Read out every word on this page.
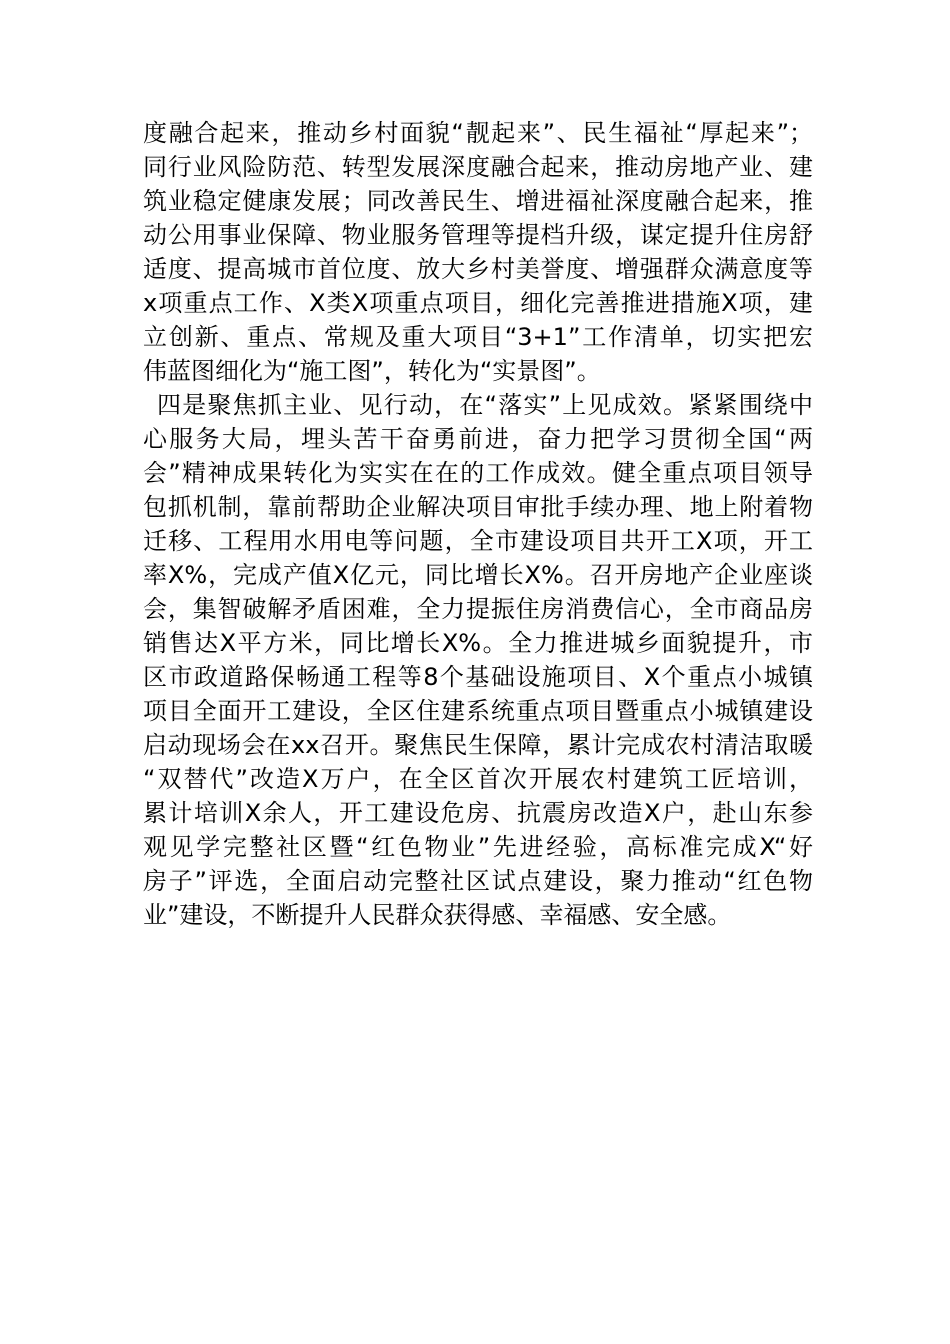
度融合起来，推动乡村面貌“靓起来”、民生福祉“厚起来”；
同行业风险防范、转型发展深度融合起来，推动房地产业、建
筑业稳定健康发展；同改善民生、增进福祉深度融合起来，推
动公用事业保障、物业服务管理等提档升级，谋定提升住房舒
适度、提高城市首位度、放大乡村美誉度、增强群众满意度等
x项重点工作、X类X项重点项目，细化完善推进措施X项，建
立创新、重点、常规及重大项目“3+1”工作清单，切实把宏
伟蓝图细化为“施工图”，转化为“实景图”。
四是聚焦抓主业、见行动，在“落实”上见成效。紧紧围绕中
心服务大局，埋头苦干奋勇前进，奋力把学习贯彻全国“两
会”精神成果转化为实实在在的工作成效。健全重点项目领导
包抓机制，靠前帮助企业解决项目审批手续办理、地上附着物
迁移、工程用水用电等问题，全市建设项目共开工X项，开工
率X%，完成产值X亿元，同比增长X%。召开房地产企业座谈
会，集智破解矛盾困难，全力提振住房消费信心，全市商品房
销售达X平方米，同比增长X%。全力推进城乡面貌提升，市
区市政道路保畅通工程等8个基础设施项目、X个重点小城镇
项目全面开工建设，全区住建系统重点项目暨重点小城镇建设
启动现场会在xx召开。聚焦民生保障，累计完成农村清洁取暖
“双替代”改造X万户，在全区首次开展农村建筑工匠培训，
累计培训X余人，开工建设危房、抗震房改造X户，赴山东参
观见学完整社区暨“红色物业”先进经验，高标准完成X“好
房子”评选，全面启动完整社区试点建设，聚力推动“红色物
业”建设，不断提升人民群众获得感、幸福感、安全感。
